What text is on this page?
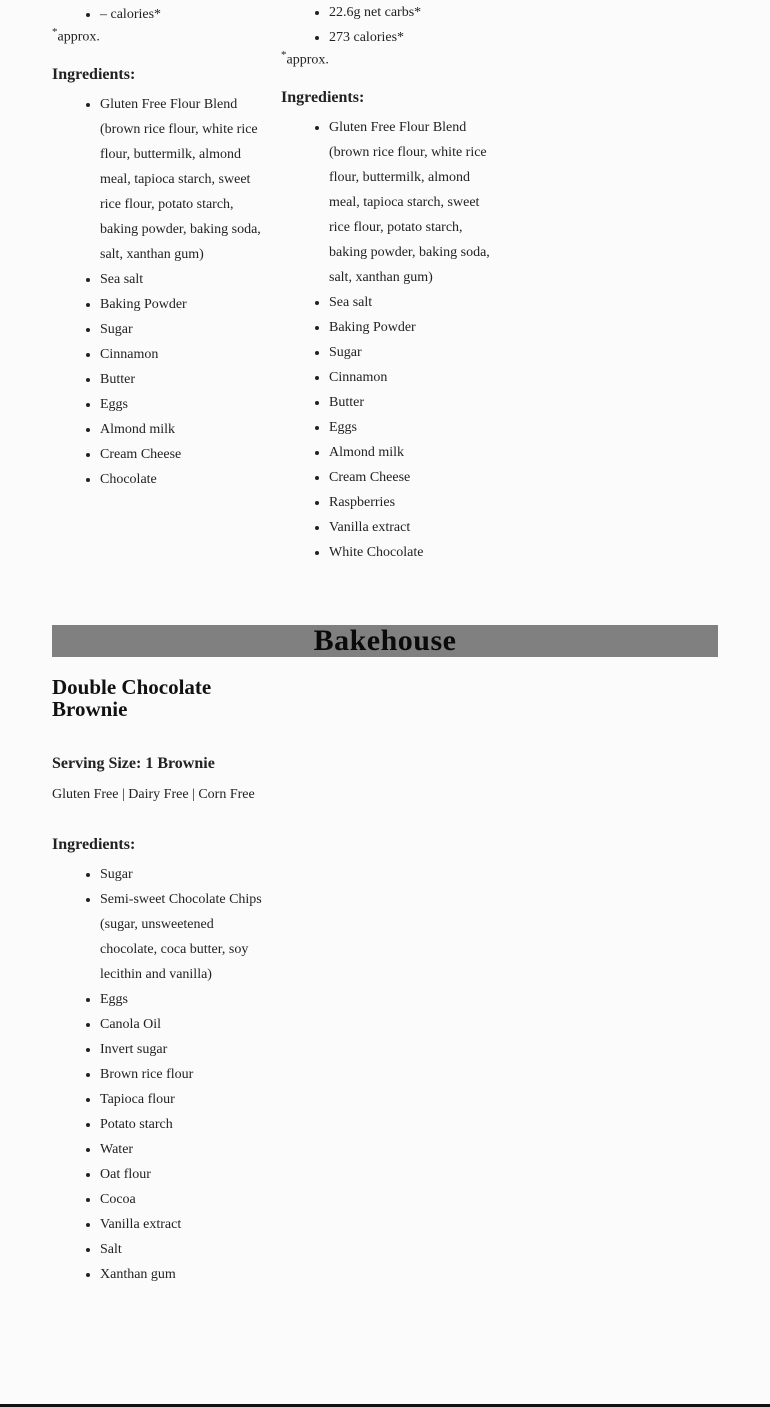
• – calories*
*approx.
Ingredients:
• Gluten Free Flour Blend (brown rice flour, white rice flour, buttermilk, almond meal, tapioca starch, sweet rice flour, potato starch, baking powder, baking soda, salt, xanthan gum)
• Sea salt
• Baking Powder
• Sugar
• Cinnamon
• Butter
• Eggs
• Almond milk
• Cream Cheese
• Chocolate
• 22.6g net carbs*
• 273 calories*
*approx.
Ingredients:
• Gluten Free Flour Blend (brown rice flour, white rice flour, buttermilk, almond meal, tapioca starch, sweet rice flour, potato starch, baking powder, baking soda, salt, xanthan gum)
• Sea salt
• Baking Powder
• Sugar
• Cinnamon
• Butter
• Eggs
• Almond milk
• Cream Cheese
• Raspberries
• Vanilla extract
• White Chocolate
Bakehouse
Double Chocolate Brownie
Serving Size: 1 Brownie
Gluten Free | Dairy Free | Corn Free
Ingredients:
• Sugar
• Semi-sweet Chocolate Chips (sugar, unsweetened chocolate, coca butter, soy lecithin and vanilla)
• Eggs
• Canola Oil
• Invert sugar
• Brown rice flour
• Tapioca flour
• Potato starch
• Water
• Oat flour
• Cocoa
• Vanilla extract
• Salt
• Xanthan gum
